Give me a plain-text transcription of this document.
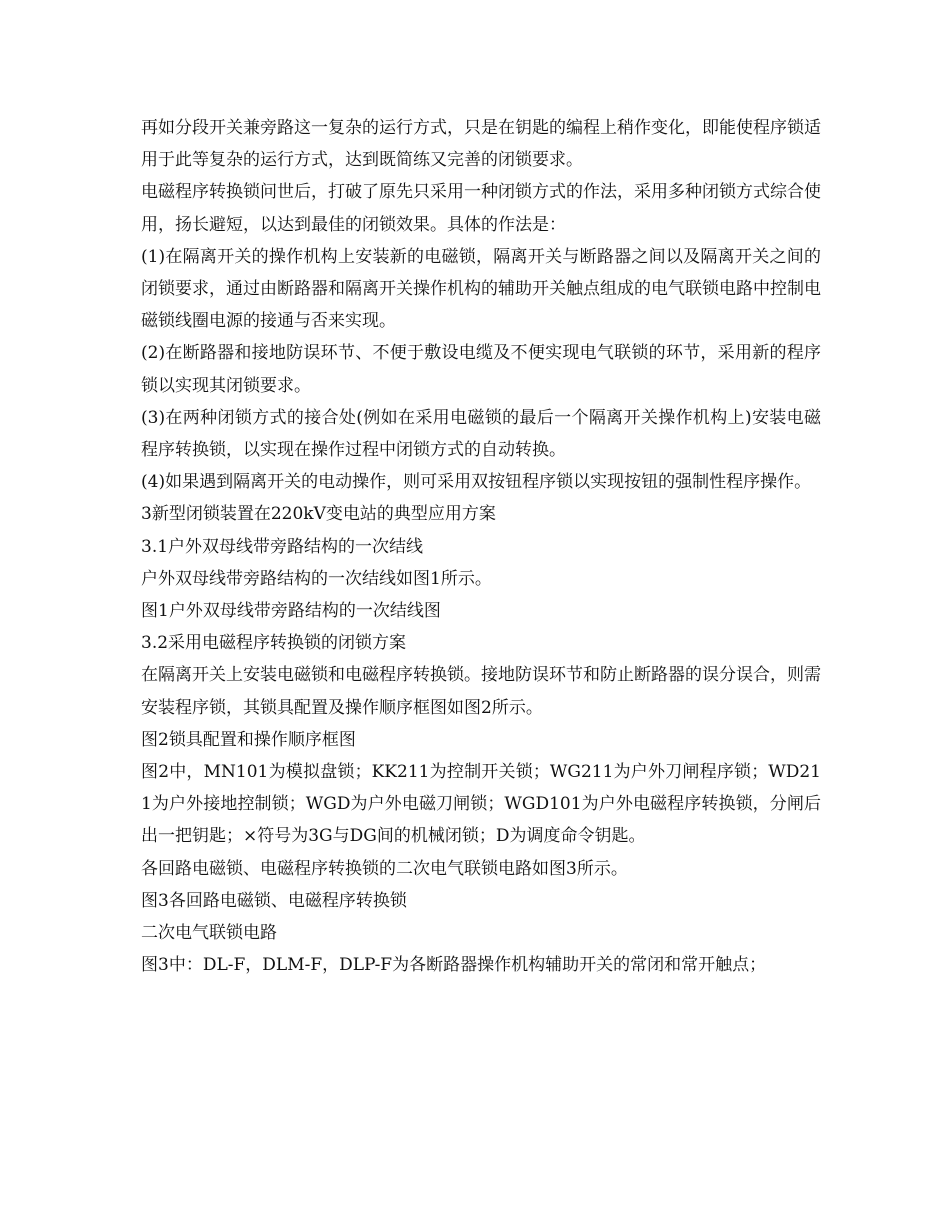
再如分段开关兼旁路这一复杂的运行方式，只是在钥匙的编程上稍作变化，即能使程序锁适用于此等复杂的运行方式，达到既简练又完善的闭锁要求。

电磁程序转换锁问世后，打破了原先只采用一种闭锁方式的作法，采用多种闭锁方式综合使用，扬长避短，以达到最佳的闭锁效果。具体的作法是：

(1)在隔离开关的操作机构上安装新的电磁锁，隔离开关与断路器之间以及隔离开关之间的闭锁要求，通过由断路器和隔离开关操作机构的辅助开关触点组成的电气联锁电路中控制电磁锁线圈电源的接通与否来实现。

(2)在断路器和接地防误环节、不便于敷设电缆及不便实现电气联锁的环节，采用新的程序锁以实现其闭锁要求。

(3)在两种闭锁方式的接合处(例如在采用电磁锁的最后一个隔离开关操作机构上)安装电磁程序转换锁，以实现在操作过程中闭锁方式的自动转换。

(4)如果遇到隔离开关的电动操作，则可采用双按钮程序锁以实现按钮的强制性程序操作。

3新型闭锁装置在220kV变电站的典型应用方案

3.1户外双母线带旁路结构的一次结线

户外双母线带旁路结构的一次结线如图1所示。

图1户外双母线带旁路结构的一次结线图

3.2采用电磁程序转换锁的闭锁方案

在隔离开关上安装电磁锁和电磁程序转换锁。接地防误环节和防止断路器的误分误合，则需安装程序锁，其锁具配置及操作顺序框图如图2所示。

图2锁具配置和操作顺序框图

图2中，MN101为模拟盘锁；KK211为控制开关锁；WG211为户外刀闸程序锁；WD211为户外接地控制锁；WGD为户外电磁刀闸锁；WGD101为户外电磁程序转换锁，分闸后出一把钥匙；×符号为3G与DG间的机械闭锁；D为调度命令钥匙。

各回路电磁锁、电磁程序转换锁的二次电气联锁电路如图3所示。

图3各回路电磁锁、电磁程序转换锁

二次电气联锁电路

图3中：DL-F，DLM-F，DLP-F为各断路器操作机构辅助开关的常闭和常开触点；
